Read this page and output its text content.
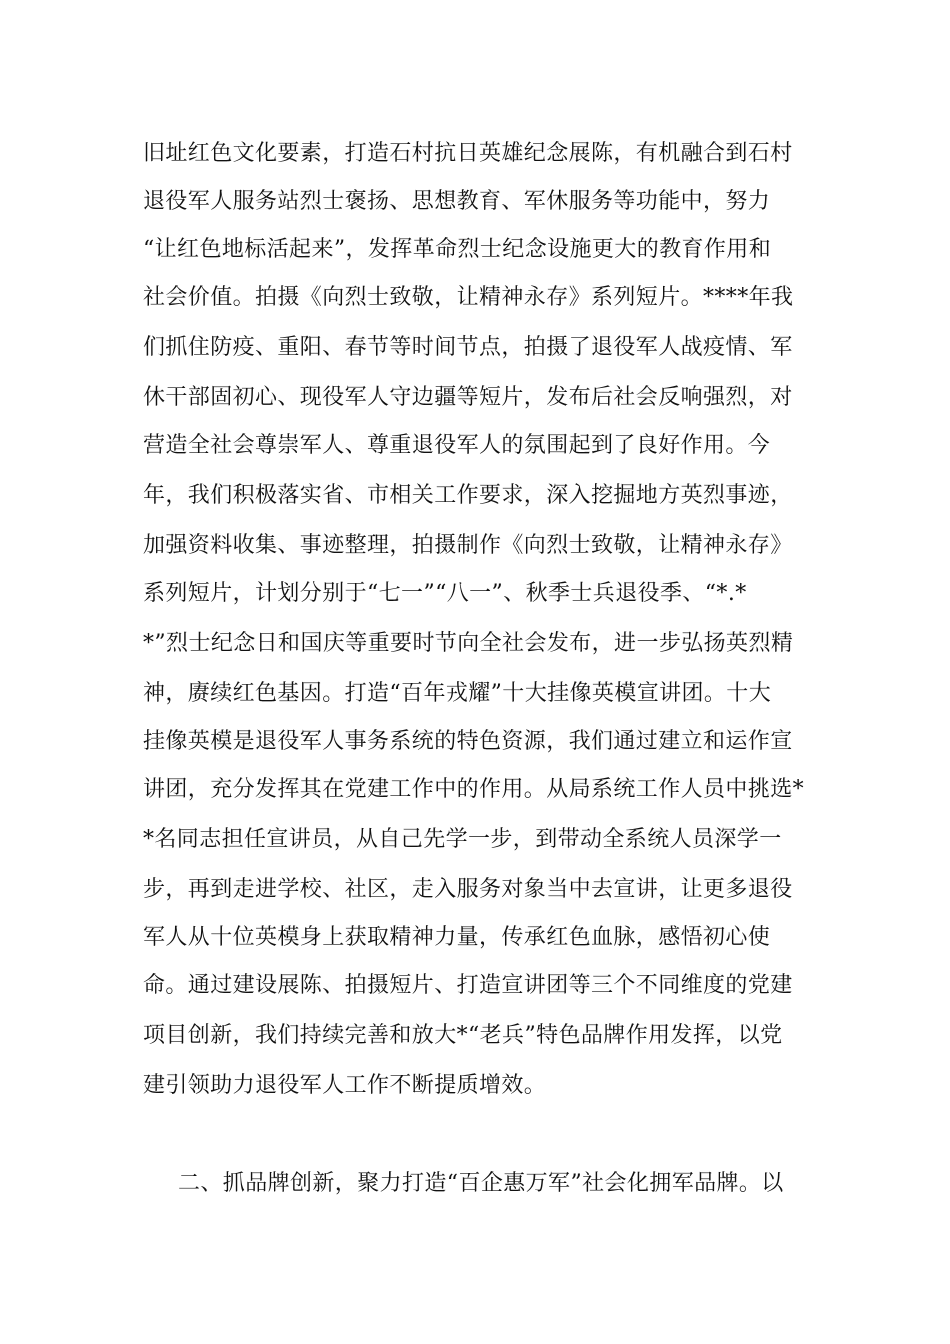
旧址红色文化要素，打造石村抗日英雄纪念展陈，有机融合到石村
退役军人服务站烈士褒扬、思想教育、军休服务等功能中，努力
“让红色地标活起来”，发挥革命烈士纪念设施更大的教育作用和
社会价值。拍摄《向烈士致敬，让精神永存》系列短片。****年我
们抓住防疫、重阳、春节等时间节点，拍摄了退役军人战疫情、军
休干部固初心、现役军人守边疆等短片，发布后社会反响强烈，对
营造全社会尊崇军人、尊重退役军人的氛围起到了良好作用。今
年，我们积极落实省、市相关工作要求，深入挖掘地方英烈事迹，
加强资料收集、事迹整理，拍摄制作《向烈士致敬，让精神永存》
系列短片，计划分别于“七一”“八一”、秋季士兵退役季、“*.*
*”烈士纪念日和国庆等重要时节向全社会发布，进一步弘扬英烈精
神，赓续红色基因。打造“百年戎耀”十大挂像英模宣讲团。十大
挂像英模是退役军人事务系统的特色资源，我们通过建立和运作宣
讲团，充分发挥其在党建工作中的作用。从局系统工作人员中挑选*
*名同志担任宣讲员，从自己先学一步，到带动全系统人员深学一
步，再到走进学校、社区，走入服务对象当中去宣讲，让更多退役
军人从十位英模身上获取精神力量，传承红色血脉，感悟初心使
命。通过建设展陈、拍摄短片、打造宣讲团等三个不同维度的党建
项目创新，我们持续完善和放大*“老兵”特色品牌作用发挥，以党
建引领助力退役军人工作不断提质增效。
二、抓品牌创新，聚力打造“百企惠万军”社会化拥军品牌。以
